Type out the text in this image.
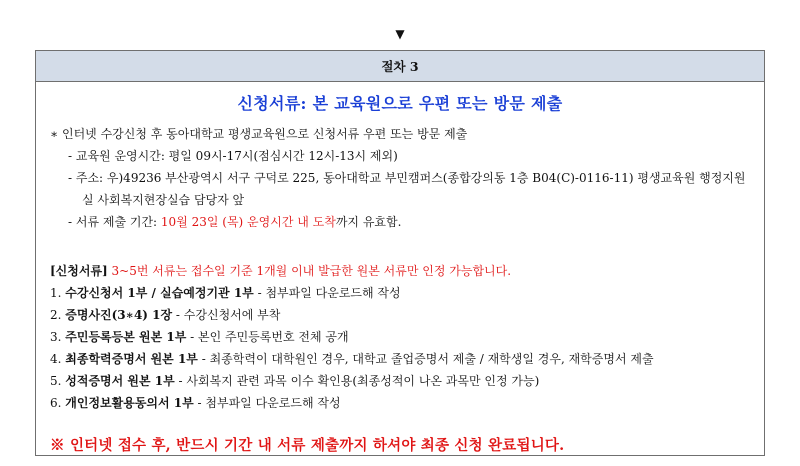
▼
절차 3
신청서류: 본 교육원으로 우편 또는 방문 제출
∗ 인터넷 수강신청 후 동아대학교 평생교육원으로 신청서류 우편 또는 방문 제출
- 교육원 운영시간: 평일 09시-17시(점심시간 12시-13시 제외)
- 주소: 우)49236 부산광역시 서구 구덕로 225, 동아대학교 부민캠퍼스(종합강의동 1층 B04(C)-0116-11) 평생교육원 행정지원
실 사회복지현장실습 담당자 앞
- 서류 제출 기간: 10월 23일 (목) 운영시간 내 도착까지 유효함.
[신청서류] 3~5번 서류는 접수일 기준 1개월 이내 발급한 원본 서류만 인정 가능합니다.
1. 수강신청서 1부 / 실습예정기관 1부 - 첨부파일 다운로드해 작성
2. 증명사진(3∗4) 1장 - 수강신청서에 부착
3. 주민등록등본 원본 1부 - 본인 주민등록번호 전체 공개
4. 최종학력증명서 원본 1부 - 최종학력이 대학원인 경우, 대학교 졸업증명서 제출 / 재학생일 경우, 재학증명서 제출
5. 성적증명서 원본 1부 - 사회복지 관련 과목 이수 확인용(최종성적이 나온 과목만 인정 가능)
6. 개인정보활용동의서 1부 - 첨부파일 다운로드해 작성
※ 인터넷 접수 후, 반드시 기간 내 서류 제출까지 하셔야 최종 신청 완료됩니다.
